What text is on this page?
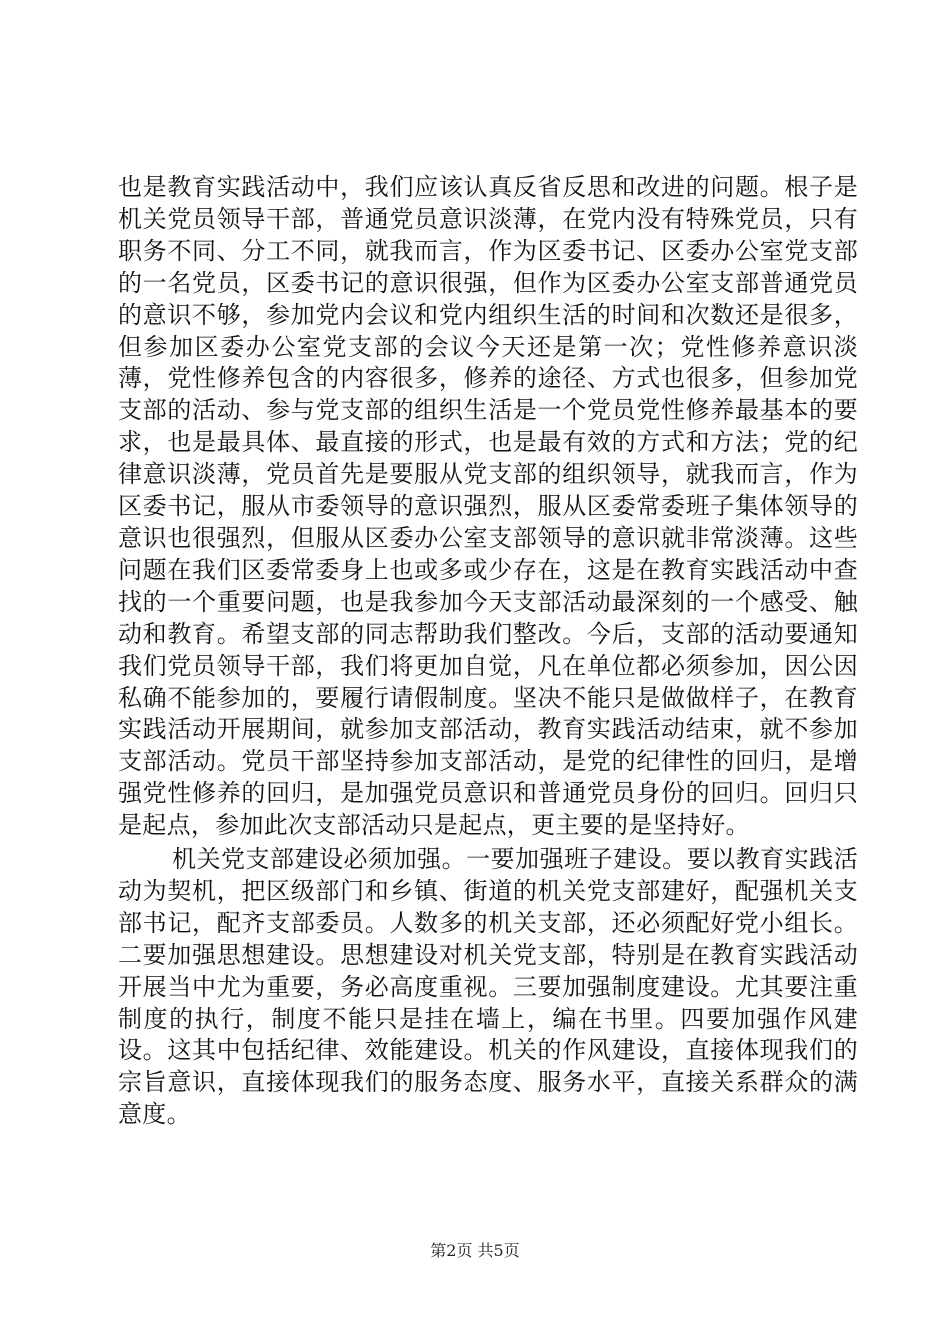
也是教育实践活动中，我们应该认真反省反思和改进的问题。根子是机关党员领导干部，普通党员意识淡薄，在党内没有特殊党员，只有职务不同、分工不同，就我而言，作为区委书记、区委办公室党支部的一名党员，区委书记的意识很强，但作为区委办公室支部普通党员的意识不够，参加党内会议和党内组织生活的时间和次数还是很多，但参加区委办公室党支部的会议今天还是第一次；党性修养意识淡薄，党性修养包含的内容很多，修养的途径、方式也很多，但参加党支部的活动、参与党支部的组织生活是一个党员党性修养最基本的要求，也是最具体、最直接的形式，也是最有效的方式和方法；党的纪律意识淡薄，党员首先是要服从党支部的组织领导，就我而言，作为区委书记，服从市委领导的意识强烈，服从区委常委班子集体领导的意识也很强烈，但服从区委办公室支部领导的意识就非常淡薄。这些问题在我们区委常委身上也或多或少存在，这是在教育实践活动中查找的一个重要问题，也是我参加今天支部活动最深刻的一个感受、触动和教育。希望支部的同志帮助我们整改。今后，支部的活动要通知我们党员领导干部，我们将更加自觉，凡在单位都必须参加，因公因私确不能参加的，要履行请假制度。坚决不能只是做做样子，在教育实践活动开展期间，就参加支部活动，教育实践活动结束，就不参加支部活动。党员干部坚持参加支部活动，是党的纪律性的回归，是增强党性修养的回归，是加强党员意识和普通党员身份的回归。回归只是起点，参加此次支部活动只是起点，更主要的是坚持好。

机关党支部建设必须加强。一要加强班子建设。要以教育实践活动为契机，把区级部门和乡镇、街道的机关党支部建好，配强机关支部书记，配齐支部委员。人数多的机关支部，还必须配好党小组长。二要加强思想建设。思想建设对机关党支部，特别是在教育实践活动开展当中尤为重要，务必高度重视。三要加强制度建设。尤其要注重制度的执行，制度不能只是挂在墙上，编在书里。四要加强作风建设。这其中包括纪律、效能建设。机关的作风建设，直接体现我们的宗旨意识，直接体现我们的服务态度、服务水平，直接关系群众的满意度。

第2页 共5页
